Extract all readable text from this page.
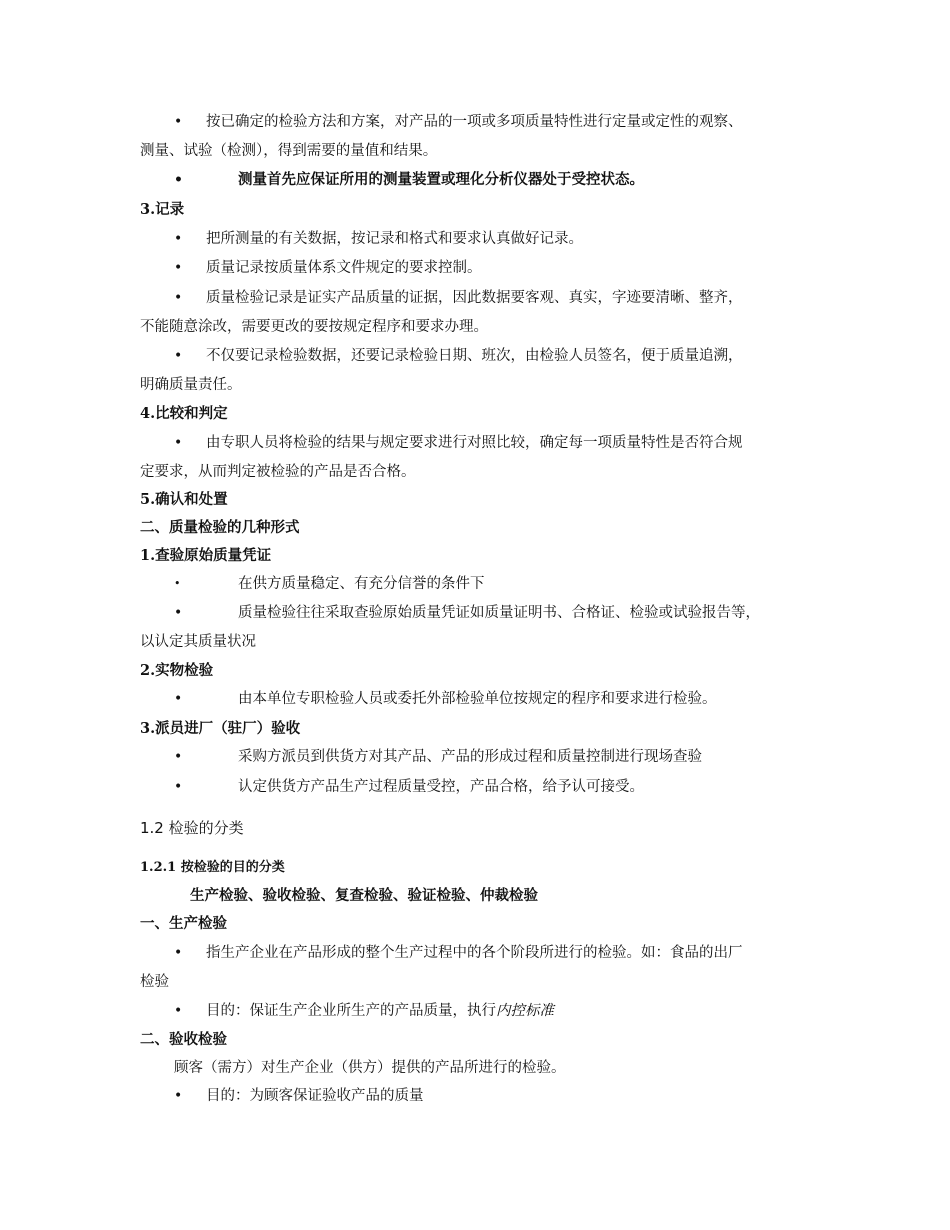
• 按已确定的检验方法和方案，对产品的一项或多项质量特性进行定量或定性的观察、
测量、试验（检测），得到需要的量值和结果。
•	测量首先应保证所用的测量装置或理化分析仪器处于受控状态。
3.记录
• 把所测量的有关数据，按记录和格式和要求认真做好记录。
• 质量记录按质量体系文件规定的要求控制。
• 质量检验记录是证实产品质量的证据，因此数据要客观、真实，字迹要清晰、整齐，
不能随意涂改，需要更改的要按规定程序和要求办理。
• 不仅要记录检验数据，还要记录检验日期、班次，由检验人员签名，便于质量追溯，
明确质量责任。
4.比较和判定
• 由专职人员将检验的结果与规定要求进行对照比较，确定每一项质量特性是否符合规
定要求，从而判定被检验的产品是否合格。
5.确认和处置
二、质量检验的几种形式
1.查验原始质量凭证
•	在供方质量稳定、有充分信誉的条件下
•	质量检验往往采取查验原始质量凭证如质量证明书、合格证、检验或试验报告等，
以认定其质量状况
2.实物检验
•	由本单位专职检验人员或委托外部检验单位按规定的程序和要求进行检验。
3.派员进厂（驻厂）验收
•	采购方派员到供货方对其产品、产品的形成过程和质量控制进行现场查验
•	认定供货方产品生产过程质量受控，产品合格，给予认可接受。
1.2 检验的分类
1.2.1 按检验的目的分类
生产检验、验收检验、复查检验、验证检验、仲裁检验
一、生产检验
• 指生产企业在产品形成的整个生产过程中的各个阶段所进行的检验。如：食品的出厂
检验
• 目的：保证生产企业所生产的产品质量，执行内控标准
二、验收检验
顾客（需方）对生产企业（供方）提供的产品所进行的检验。
• 目的：为顾客保证验收产品的质量
